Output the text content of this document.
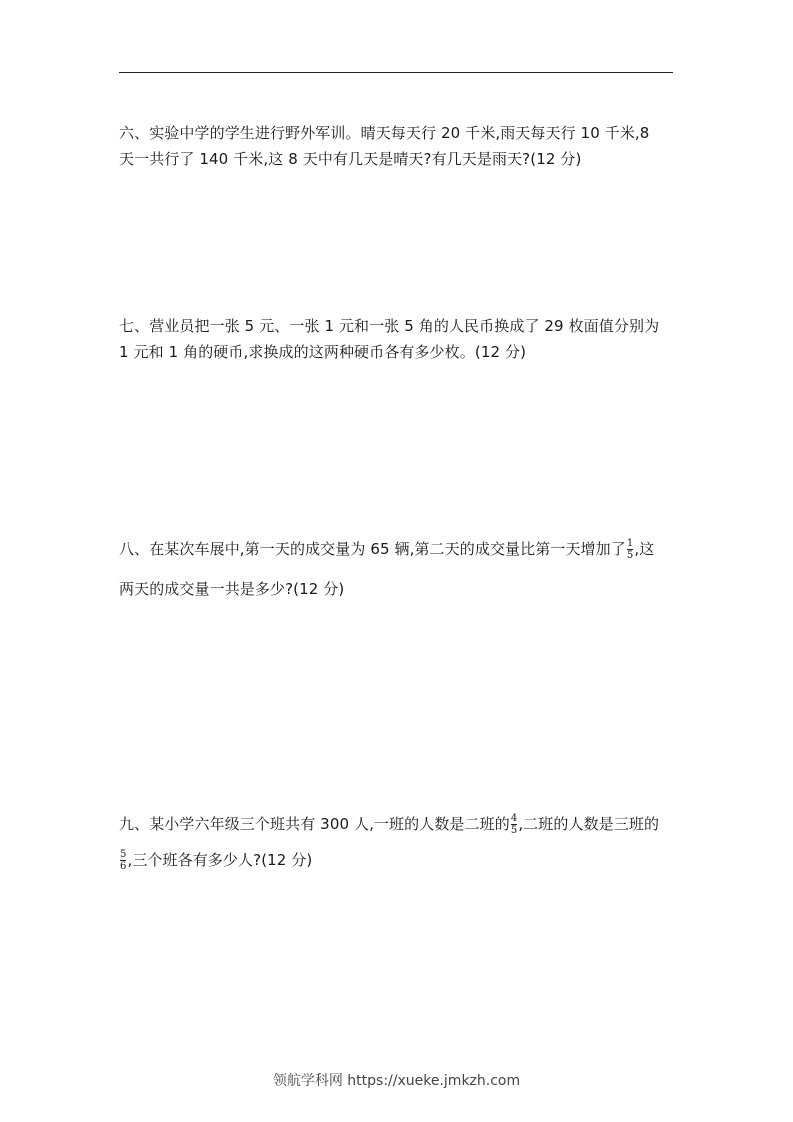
六、实验中学的学生进行野外军训。晴天每天行 20 千米,雨天每天行 10 千米,8

天一共行了 140 千米,这 8 天中有几天是晴天?有几天是雨天?(12 分)

七、营业员把一张 5 元、一张 1 元和一张 5 角的人民币换成了 29 枚面值分别为

1 元和 1 角的硬币,求换成的这两种硬币各有多少枚。(12 分)

八、在某次车展中,第一天的成交量为 65 辆,第二天的成交量比第一天增加了 $\frac{1}{5}$ ,这

两天的成交量一共是多少?(12 分)

九、某小学六年级三个班共有 300 人,一班的人数是二班的 $\frac{4}{5}$ ,二班的人数是三班的

$\frac{5}{6}$ ,三个班各有多少人?(12 分)

领航学科网 https://xueke.jmkzh.com
